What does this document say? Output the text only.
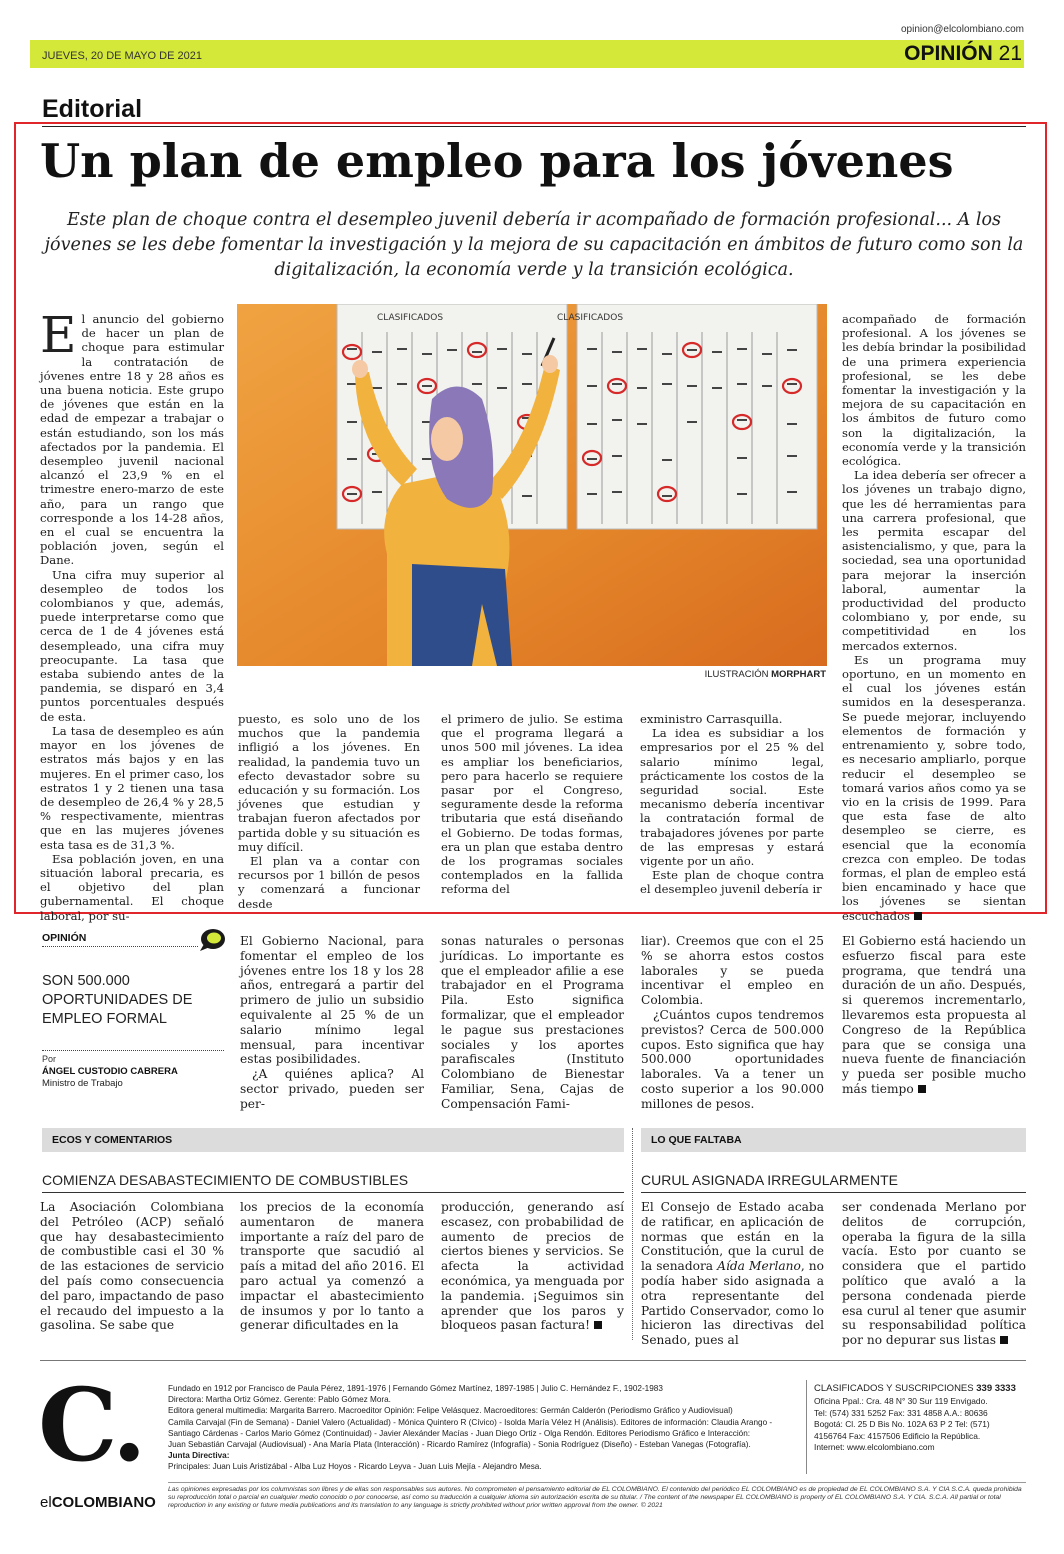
opinion@elcolombiano.com
JUEVES, 20 DE MAYO DE 2021	OPINIÓN 21
Editorial
Un plan de empleo para los jóvenes
Este plan de choque contra el desempleo juvenil debería ir acompañado de formación profesional... A los jóvenes se les debe fomentar la investigación y la mejora de su capacitación en ámbitos de futuro como son la digitalización, la economía verde y la transición ecológica.

El anuncio del gobierno de hacer un plan de choque para estimular la contratación de jóvenes entre 18 y 28 años es una buena noticia. Este grupo de jóvenes que están en la edad de empezar a trabajar o están estudiando, son los más afectados por la pandemia. El desempleo juvenil nacional alcanzó el 23,9 % en el trimestre enero-marzo de este año, para un rango que corresponde a los 14-28 años, en el cual se encuentra la población joven, según el Dane.

Una cifra muy superior al desempleo de todos los colombianos y que, además, puede interpretarse como que cerca de 1 de 4 jóvenes está desempleado, una cifra muy preocupante. La tasa que estaba subiendo antes de la pandemia, se disparó en 3,4 puntos porcentuales después de esta.

La tasa de desempleo es aún mayor en los jóvenes de estratos más bajos y en las mujeres. En el primer caso, los estratos 1 y 2 tienen una tasa de desempleo de 26,4 % y 28,5 % respectivamente, mientras que en las mujeres jóvenes esta tasa es de 31,3 %.

Esa población joven, en una situación laboral precaria, es el objetivo del plan gubernamental. El choque laboral, por su-

CLASIFICADOS	CLASIFICADOS
ILUSTRACIÓN MORPHART

puesto, es solo uno de los muchos que la pandemia infligió a los jóvenes. En realidad, la pandemia tuvo un efecto devastador sobre su educación y su formación. Los jóvenes que estudian y trabajan fueron afectados por partida doble y su situación es muy difícil.

El plan va a contar con recursos por 1 billón de pesos y comenzará a funcionar desde

el primero de julio. Se estima que el programa llegará a unos 500 mil jóvenes. La idea es ampliar los beneficiarios, pero para hacerlo se requiere pasar por el Congreso, seguramente desde la reforma tributaria que está diseñando el Gobierno. De todas formas, era un plan que estaba dentro de los programas sociales contemplados en la fallida reforma del

exministro Carrasquilla.

La idea es subsidiar a los empresarios por el 25 % del salario mínimo legal, prácticamente los costos de la seguridad social. Este mecanismo debería incentivar la contratación formal de trabajadores jóvenes por parte de las empresas y estará vigente por un año.

Este plan de choque contra el desempleo juvenil debería ir

acompañado de formación profesional. A los jóvenes se les debía brindar la posibilidad de una primera experiencia profesional, se les debe fomentar la investigación y la mejora de su capacitación en los ámbitos de futuro como son la digitalización, la economía verde y la transición ecológica.

La idea debería ser ofrecer a los jóvenes un trabajo digno, que les dé herramientas para una carrera profesional, que les permita escapar del asistencialismo, y que, para la sociedad, sea una oportunidad para mejorar la inserción laboral, aumentar la productividad del producto colombiano y, por ende, su competitividad en los mercados externos.

Es un programa muy oportuno, en un momento en el cual los jóvenes están sumidos en la desesperanza. Se puede mejorar, incluyendo elementos de formación y entrenamiento y, sobre todo, es necesario ampliarlo, porque reducir el desempleo se tomará varios años como ya se vio en la crisis de 1999. Para que esta fase de alto desempleo se cierre, es esencial que la economía crezca con empleo. De todas formas, el plan de empleo está bien encaminado y hace que los jóvenes se sientan escuchados

OPINIÓN
SON 500.000 OPORTUNIDADES DE EMPLEO FORMAL
Por
ÁNGEL CUSTODIO CABRERA
Ministro de Trabajo

El Gobierno Nacional, para fomentar el empleo de los jóvenes entre los 18 y los 28 años, entregará a partir del primero de julio un subsidio equivalente al 25 % de un salario mínimo legal mensual, para incentivar estas posibilidades.

¿A quiénes aplica? Al sector privado, pueden ser per-

sonas naturales o personas jurídicas. Lo importante es que el empleador afilie a ese trabajador en el Programa Pila. Esto significa formalizar, que el empleador le pague sus prestaciones sociales y los aportes parafiscales (Instituto Colombiano de Bienestar Familiar, Sena, Cajas de Compensación Fami-

liar). Creemos que con el 25 % se ahorra estos costos laborales y se pueda incentivar el empleo en Colombia.

¿Cuántos cupos tendremos previstos? Cerca de 500.000 cupos. Esto significa que hay 500.000 oportunidades laborales. Va a tener un costo superior a los 90.000 millones de pesos.

El Gobierno está haciendo un esfuerzo fiscal para este programa, que tendrá una duración de un año. Después, si queremos incrementarlo, llevaremos esta propuesta al Congreso de la República para que se consiga una nueva fuente de financiación y pueda ser posible mucho más tiempo

ECOS Y COMENTARIOS
COMIENZA DESABASTECIMIENTO DE COMBUSTIBLES

La Asociación Colombiana del Petróleo (ACP) señaló que hay desabastecimiento de combustible casi el 30 % de las estaciones de servicio del país como consecuencia del paro, impactando de paso el recaudo del impuesto a la gasolina. Se sabe que

los precios de la economía aumentaron de manera importante a raíz del paro de transporte que sacudió al país a mitad del año 2016. El paro actual ya comenzó a impactar el abastecimiento de insumos y por lo tanto a generar dificultades en la

producción, generando así escasez, con probabilidad de aumento de precios de ciertos bienes y servicios. Se afecta la actividad económica, ya menguada por la pandemia. ¡Seguimos sin aprender que los paros y bloqueos pasan factura!

LO QUE FALTABA
CURUL ASIGNADA IRREGULARMENTE

El Consejo de Estado acaba de ratificar, en aplicación de normas que están en la Constitución, que la curul de la senadora Aída Merlano, no podía haber sido asignada a otra representante del Partido Conservador, como lo hicieron las directivas del Senado, pues al

ser condenada Merlano por delitos de corrupción, operaba la figura de la silla vacía. Esto por cuanto se considera que el partido político que avaló a la persona condenada pierde esa curul al tener que asumir su responsabilidad política por no depurar sus listas

C.
elCOLOMBIANO
Fundado en 1912 por Francisco de Paula Pérez, 1891-1976 | Fernando Gómez Martínez, 1897-1985 | Julio C. Hernández F., 1902-1983
Directora: Martha Ortiz Gómez. Gerente: Pablo Gómez Mora.
Editora general multimedia: Margarita Barrero. Macroeditor Opinión: Felipe Velásquez. Macroeditores: Germán Calderón (Periodismo Gráfico y Audiovisual)
Camila Carvajal (Fin de Semana) - Daniel Valero (Actualidad) - Mónica Quintero R (Cívico) - Isolda María Vélez H (Análisis). Editores de información: Claudia Arango -
Santiago Cárdenas - Carlos Mario Gómez (Continuidad) - Javier Alexánder Macías - Juan Diego Ortiz - Olga Rendón. Editores Periodismo Gráfico e Interacción:
Juan Sebastián Carvajal (Audiovisual) - Ana María Plata (Interacción) - Ricardo Ramírez (Infografía) - Sonia Rodríguez (Diseño) - Esteban Vanegas (Fotografía).
Junta Directiva:
Principales: Juan Luis Aristizábal - Alba Luz Hoyos - Ricardo Leyva - Juan Luis Mejía - Alejandro Mesa.
CLASIFICADOS Y SUSCRIPCIONES 339 3333
Oficina Ppal.: Cra. 48 N° 30 Sur 119 Envigado.
Tel: (574) 331 5252 Fax: 331 4858 A.A.: 80636
Bogotá: Cl. 25 D Bis No. 102A 63 P 2 Tel: (571)
4156764 Fax: 4157506 Edificio la República.
Internet: www.elcolombiano.com
Las opiniones expresadas por los columnistas son libres y de ellas son responsables sus autores. No comprometen el pensamiento editorial de EL COLOMBIANO. El contenido del periódico EL COLOMBIANO es de propiedad de EL COLOMBIANO S.A. Y CIA S.C.A. queda prohibida su reproducción total o parcial en cualquier medio conocido o por conocerse, así como su traducción a cualquier idioma sin autorización escrita de su titular. / The content of the newspaper EL COLOMBIANO is property of EL COLOMBIANO S.A. Y CIA. S.C.A. All partial or total reproduction in any existing or future media publications and its translation to any language is strictly prohibited without prior written approval from the owner. © 2021
